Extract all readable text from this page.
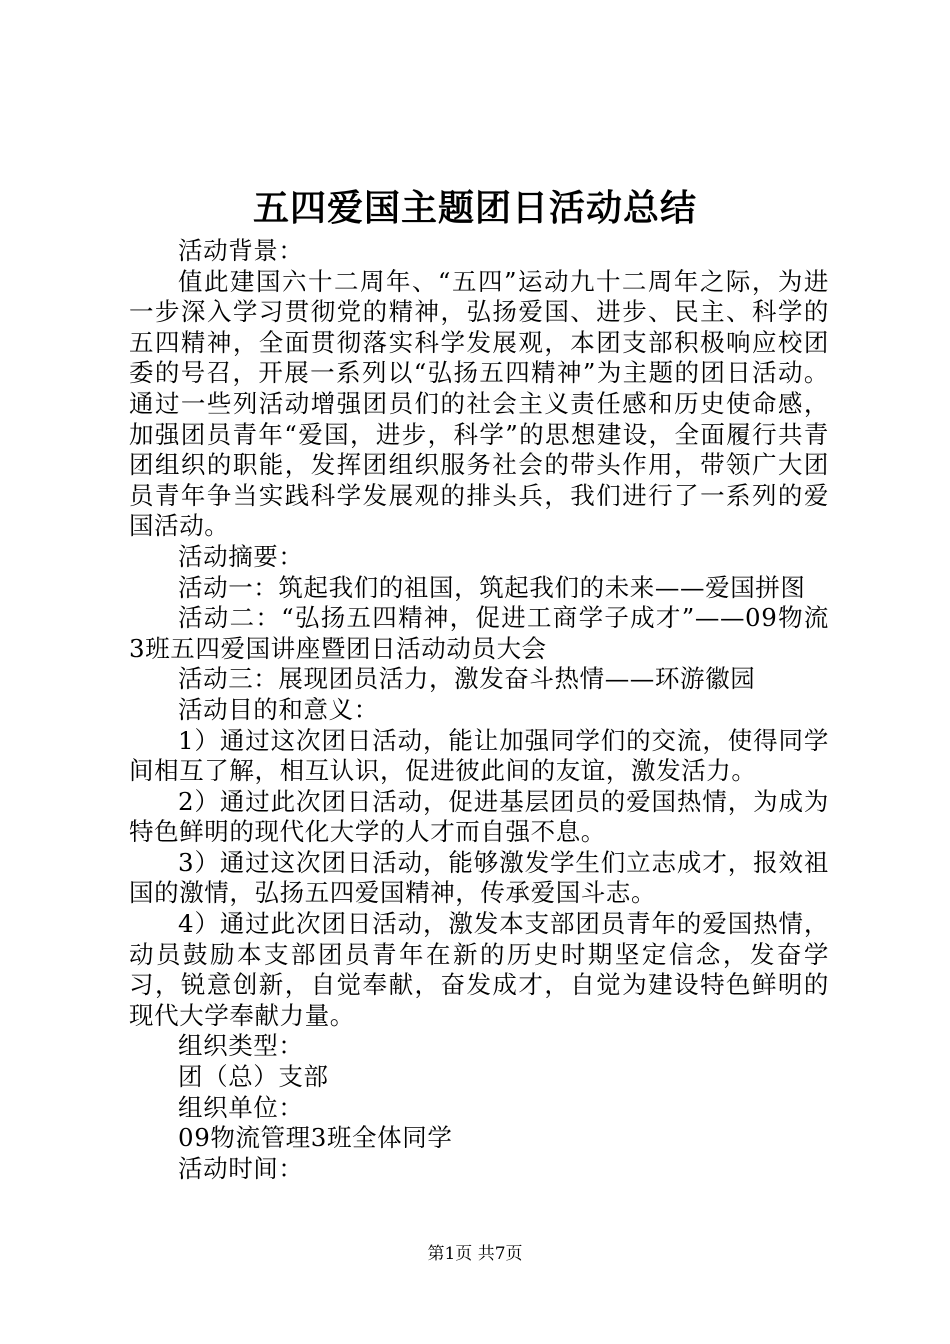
五四爱国主题团日活动总结

活动背景：

值此建国六十二周年、“五四”运动九十二周年之际，为进一步深入学习贯彻党的精神，弘扬爱国、进步、民主、科学的五四精神，全面贯彻落实科学发展观，本团支部积极响应校团委的号召，开展一系列以“弘扬五四精神”为主题的团日活动。通过一些列活动增强团员们的社会主义责任感和历史使命感，加强团员青年“爱国，进步，科学”的思想建设，全面履行共青团组织的职能，发挥团组织服务社会的带头作用，带领广大团员青年争当实践科学发展观的排头兵，我们进行了一系列的爱国活动。

活动摘要：

活动一：筑起我们的祖国，筑起我们的未来——爱国拼图

活动二：“弘扬五四精神，促进工商学子成才”——09物流3班五四爱国讲座暨团日活动动员大会

活动三：展现团员活力，激发奋斗热情——环游徽园

活动目的和意义：

1）通过这次团日活动，能让加强同学们的交流，使得同学间相互了解，相互认识，促进彼此间的友谊，激发活力。

2）通过此次团日活动，促进基层团员的爱国热情，为成为特色鲜明的现代化大学的人才而自强不息。

3）通过这次团日活动，能够激发学生们立志成才，报效祖国的激情，弘扬五四爱国精神，传承爱国斗志。

4）通过此次团日活动，激发本支部团员青年的爱国热情，动员鼓励本支部团员青年在新的历史时期坚定信念，发奋学习，锐意创新，自觉奉献，奋发成才，自觉为建设特色鲜明的现代大学奉献力量。

组织类型：

团（总）支部

组织单位：

09物流管理3班全体同学

活动时间：

第1页 共7页
